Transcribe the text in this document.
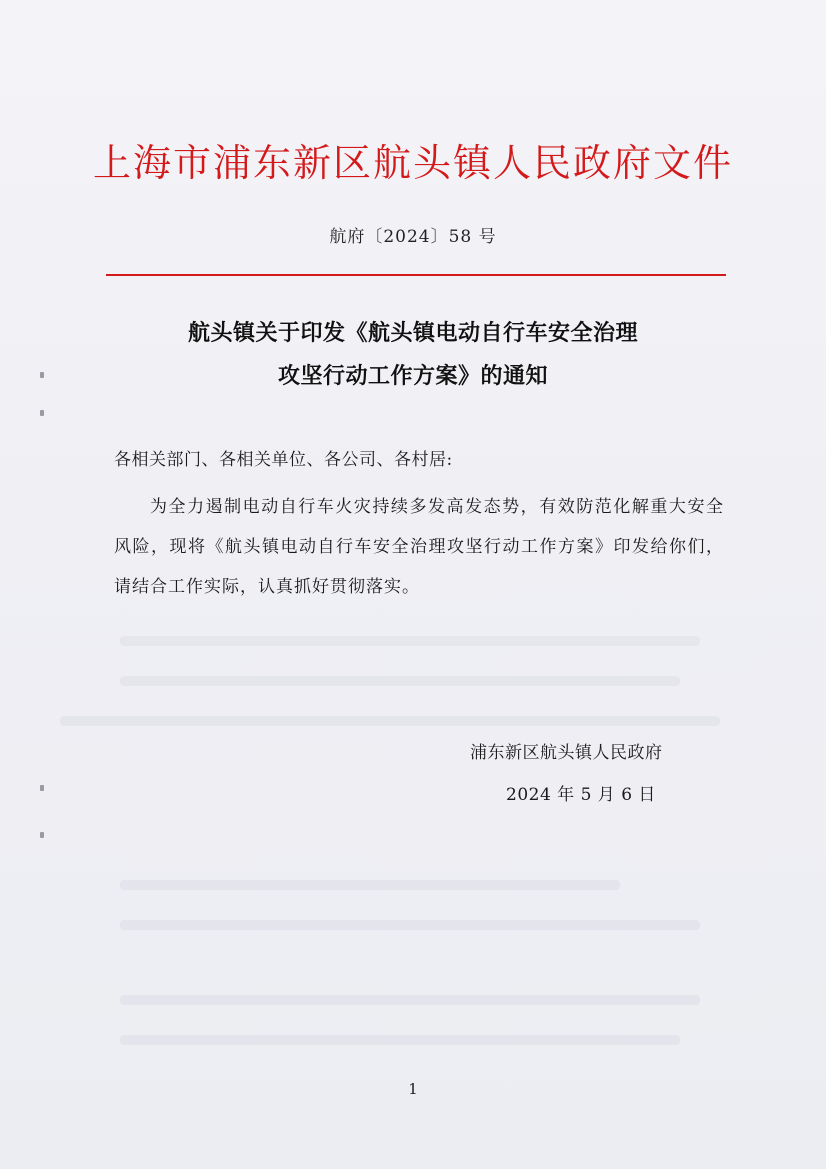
上海市浦东新区航头镇人民政府文件
航府〔2024〕58 号
航头镇关于印发《航头镇电动自行车安全治理
攻坚行动工作方案》的通知
各相关部门、各相关单位、各公司、各村居:
为全力遏制电动自行车火灾持续多发高发态势，有效防范化解重大安全风险，现将《航头镇电动自行车安全治理攻坚行动工作方案》印发给你们，请结合工作实际，认真抓好贯彻落实。
浦东新区航头镇人民政府
2024 年 5 月 6 日
1
